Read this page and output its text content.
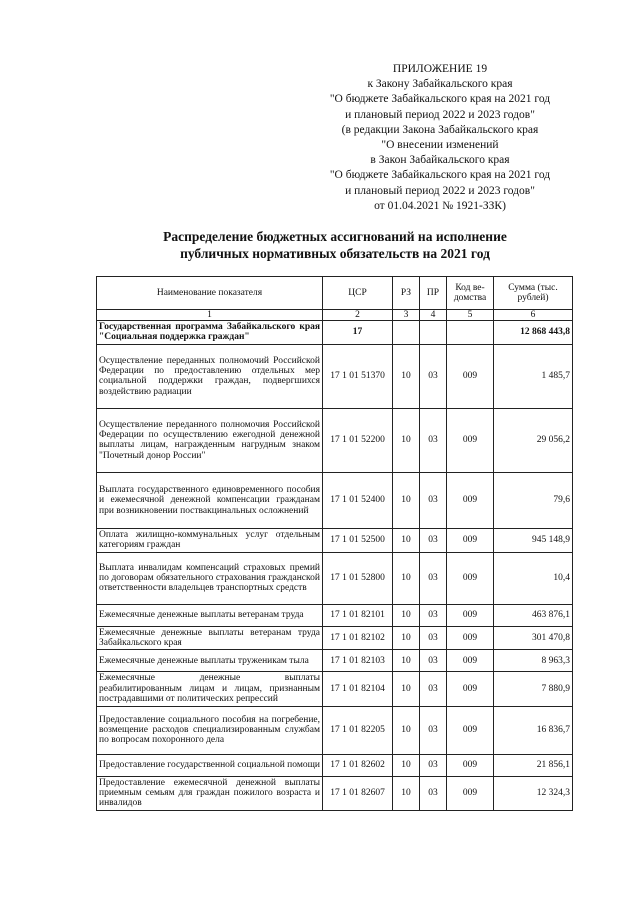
ПРИЛОЖЕНИЕ 19
к Закону Забайкальского края
"О бюджете Забайкальского края на 2021 год
и плановый период 2022 и 2023 годов"
(в редакции Закона Забайкальского края
"О внесении изменений
в Закон Забайкальского края
"О бюджете Забайкальского края на 2021 год
и плановый период 2022 и 2023 годов"
от 01.04.2021 № 1921-ЗЗК)
Распределение бюджетных ассигнований на исполнение
публичных нормативных обязательств на 2021 год
Наименование показателя	ЦСР	РЗ	ПР	Код ве-домства	Сумма (тыс. рублей)
1	2	3	4	5	6
Государственная программа Забайкальского края "Социальная поддержка граждан"	17				12 868 443,8
Осуществление переданных полномочий Российской Федерации по предоставлению отдельных мер социальной поддержки граждан, подвергшихся воздействию радиации	17 1 01 51370	10	03	009	1 485,7
Осуществление переданного полномочия Российской Федерации по осуществлению ежегодной денежной выплаты лицам, награжденным нагрудным знаком "Почетный донор России"	17 1 01 52200	10	03	009	29 056,2
Выплата государственного единовременного пособия и ежемесячной денежной компенсации гражданам при возникновении поствакцинальных осложнений	17 1 01 52400	10	03	009	79,6
Оплата жилищно-коммунальных услуг отдельным категориям граждан	17 1 01 52500	10	03	009	945 148,9
Выплата инвалидам компенсаций страховых премий по договорам обязательного страхования гражданской ответственности владельцев транспортных средств	17 1 01 52800	10	03	009	10,4
Ежемесячные денежные выплаты ветеранам труда	17 1 01 82101	10	03	009	463 876,1
Ежемесячные денежные выплаты ветеранам труда Забайкальского края	17 1 01 82102	10	03	009	301 470,8
Ежемесячные денежные выплаты труженикам тыла	17 1 01 82103	10	03	009	8 963,3
Ежемесячные денежные выплаты реабилитированным лицам и лицам, признанным пострадавшими от политических репрессий	17 1 01 82104	10	03	009	7 880,9
Предоставление социального пособия на погребение, возмещение расходов специализированным службам по вопросам похоронного дела	17 1 01 82205	10	03	009	16 836,7
Предоставление государственной социальной помощи	17 1 01 82602	10	03	009	21 856,1
Предоставление ежемесячной денежной выплаты приемным семьям для граждан пожилого возраста и инвалидов	17 1 01 82607	10	03	009	12 324,3
